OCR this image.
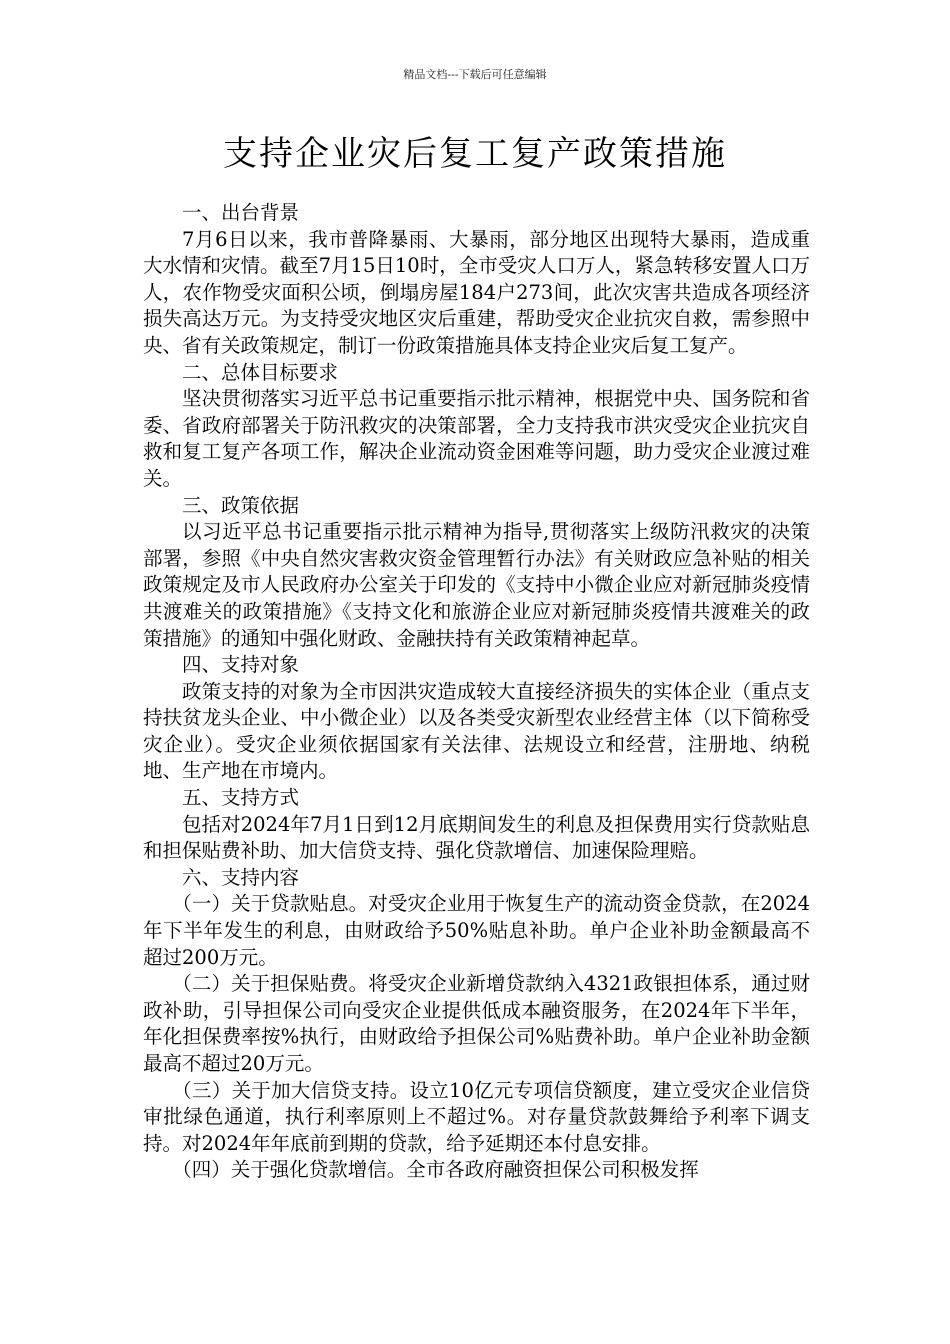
精品文档---下载后可任意编辑
支持企业灾后复工复产政策措施

一、出台背景

7月6日以来，我市普降暴雨、大暴雨，部分地区出现特大暴雨，造成重大水情和灾情。截至7月15日10时，全市受灾人口万人，紧急转移安置人口万人，农作物受灾面积公顷，倒塌房屋184户273间，此次灾害共造成各项经济损失高达万元。为支持受灾地区灾后重建，帮助受灾企业抗灾自救，需参照中央、省有关政策规定，制订一份政策措施具体支持企业灾后复工复产。

二、总体目标要求

坚决贯彻落实习近平总书记重要指示批示精神，根据党中央、国务院和省委、省政府部署关于防汛救灾的决策部署，全力支持我市洪灾受灾企业抗灾自救和复工复产各项工作，解决企业流动资金困难等问题，助力受灾企业渡过难关。

三、政策依据

以习近平总书记重要指示批示精神为指导,贯彻落实上级防汛救灾的决策部署，参照《中央自然灾害救灾资金管理暂行办法》有关财政应急补贴的相关政策规定及市人民政府办公室关于印发的《支持中小微企业应对新冠肺炎疫情共渡难关的政策措施》《支持文化和旅游企业应对新冠肺炎疫情共渡难关的政策措施》的通知中强化财政、金融扶持有关政策精神起草。

四、支持对象

政策支持的对象为全市因洪灾造成较大直接经济损失的实体企业（重点支持扶贫龙头企业、中小微企业）以及各类受灾新型农业经营主体（以下简称受灾企业）。受灾企业须依据国家有关法律、法规设立和经营，注册地、纳税地、生产地在市境内。

五、支持方式

包括对2024年7月1日到12月底期间发生的利息及担保费用实行贷款贴息和担保贴费补助、加大信贷支持、强化贷款增信、加速保险理赔。

六、支持内容

（一）关于贷款贴息。对受灾企业用于恢复生产的流动资金贷款，在2024年下半年发生的利息，由财政给予50%贴息补助。单户企业补助金额最高不超过200万元。

（二）关于担保贴费。将受灾企业新增贷款纳入4321政银担体系，通过财政补助，引导担保公司向受灾企业提供低成本融资服务，在2024年下半年，年化担保费率按%执行，由财政给予担保公司%贴费补助。单户企业补助金额最高不超过20万元。

（三）关于加大信贷支持。设立10亿元专项信贷额度，建立受灾企业信贷审批绿色通道，执行利率原则上不超过%。对存量贷款鼓舞给予利率下调支持。对2024年年底前到期的贷款，给予延期还本付息安排。

（四）关于强化贷款增信。全市各政府融资担保公司积极发挥
